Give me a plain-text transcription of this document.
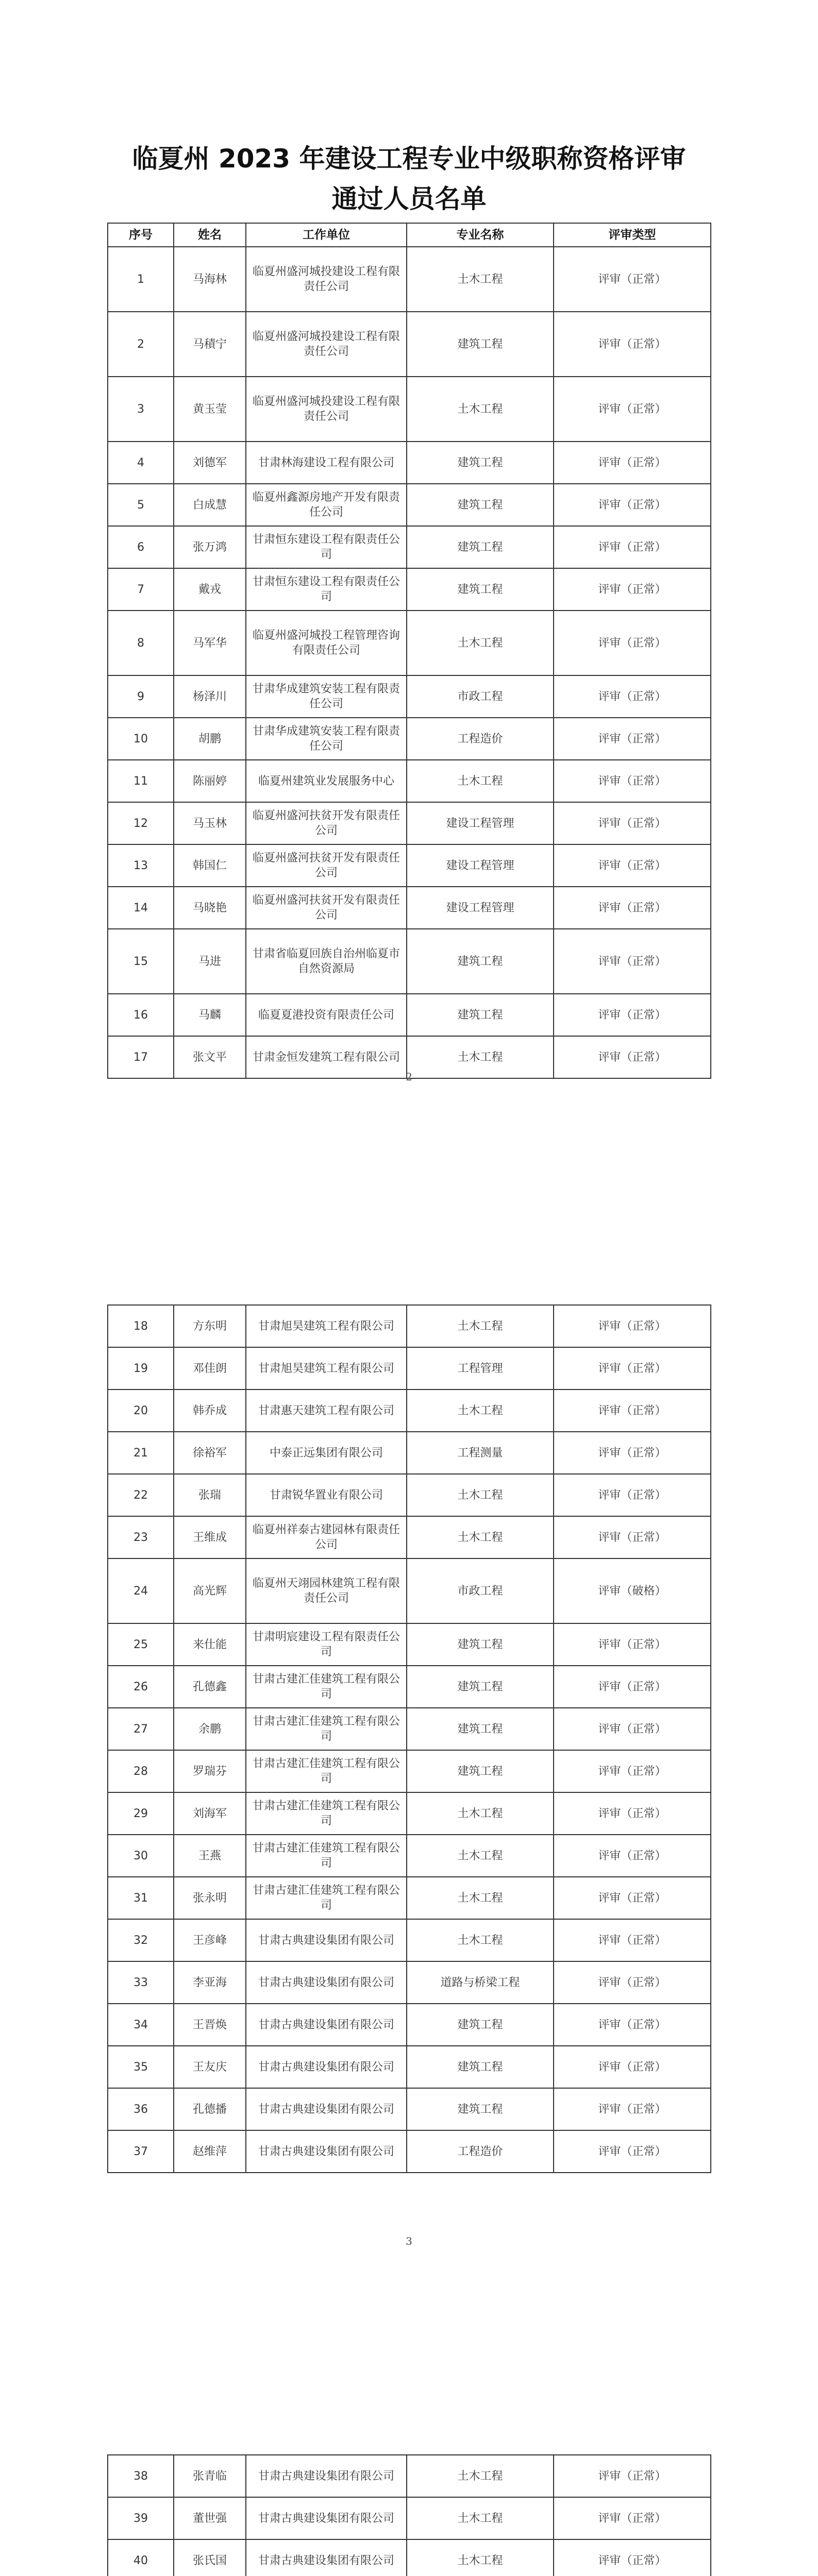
临夏州 2023 年建设工程专业中级职称资格评审
通过人员名单
序号	姓名	工作单位	专业名称	评审类型
1	马海林	临夏州盛河城投建设工程有限责任公司	土木工程	评审（正常）
2	马積宁	临夏州盛河城投建设工程有限责任公司	建筑工程	评审（正常）
3	黄玉莹	临夏州盛河城投建设工程有限责任公司	土木工程	评审（正常）
4	刘德军	甘肃林海建设工程有限公司	建筑工程	评审（正常）
5	白成慧	临夏州鑫源房地产开发有限责任公司	建筑工程	评审（正常）
6	张万鸿	甘肃恒东建设工程有限责任公司	建筑工程	评审（正常）
7	戴戎	甘肃恒东建设工程有限责任公司	建筑工程	评审（正常）
8	马军华	临夏州盛河城投工程管理咨询有限责任公司	土木工程	评审（正常）
9	杨泽川	甘肃华成建筑安装工程有限责任公司	市政工程	评审（正常）
10	胡鹏	甘肃华成建筑安装工程有限责任公司	工程造价	评审（正常）
11	陈丽婷	临夏州建筑业发展服务中心	土木工程	评审（正常）
12	马玉林	临夏州盛河扶贫开发有限责任公司	建设工程管理	评审（正常）
13	韩国仁	临夏州盛河扶贫开发有限责任公司	建设工程管理	评审（正常）
14	马晓艳	临夏州盛河扶贫开发有限责任公司	建设工程管理	评审（正常）
15	马进	甘肃省临夏回族自治州临夏市自然资源局	建筑工程	评审（正常）
16	马麟	临夏夏港投资有限责任公司	建筑工程	评审（正常）
17	张文平	甘肃金恒发建筑工程有限公司	土木工程	评审（正常）
2
18	方东明	甘肃旭昊建筑工程有限公司	土木工程	评审（正常）
19	邓佳朗	甘肃旭昊建筑工程有限公司	工程管理	评审（正常）
20	韩乔成	甘肃惠天建筑工程有限公司	土木工程	评审（正常）
21	徐裕军	中泰正远集团有限公司	工程测量	评审（正常）
22	张瑞	甘肃锐华置业有限公司	土木工程	评审（正常）
23	王维成	临夏州祥泰古建园林有限责任公司	土木工程	评审（正常）
24	高光辉	临夏州天翊园林建筑工程有限责任公司	市政工程	评审（破格）
25	来仕能	甘肃明宸建设工程有限责任公司	建筑工程	评审（正常）
26	孔德鑫	甘肃古建汇佳建筑工程有限公司	建筑工程	评审（正常）
27	余鹏	甘肃古建汇佳建筑工程有限公司	建筑工程	评审（正常）
28	罗瑞芬	甘肃古建汇佳建筑工程有限公司	建筑工程	评审（正常）
29	刘海军	甘肃古建汇佳建筑工程有限公司	土木工程	评审（正常）
30	王燕	甘肃古建汇佳建筑工程有限公司	土木工程	评审（正常）
31	张永明	甘肃古建汇佳建筑工程有限公司	土木工程	评审（正常）
32	王彦峰	甘肃古典建设集团有限公司	土木工程	评审（正常）
33	李亚海	甘肃古典建设集团有限公司	道路与桥梁工程	评审（正常）
34	王晋焕	甘肃古典建设集团有限公司	建筑工程	评审（正常）
35	王友庆	甘肃古典建设集团有限公司	建筑工程	评审（正常）
36	孔德播	甘肃古典建设集团有限公司	建筑工程	评审（正常）
37	赵维萍	甘肃古典建设集团有限公司	工程造价	评审（正常）
3
38	张青临	甘肃古典建设集团有限公司	土木工程	评审（正常）
39	董世强	甘肃古典建设集团有限公司	土木工程	评审（正常）
40	张氏国	甘肃古典建设集团有限公司	土木工程	评审（正常）
